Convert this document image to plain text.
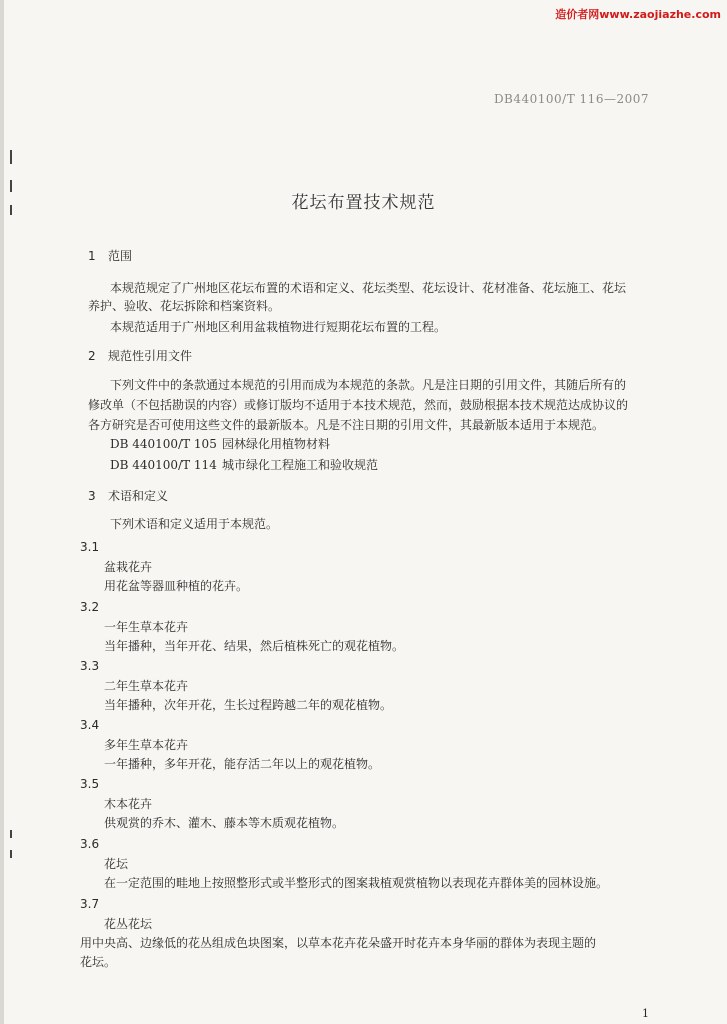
造价者网www.zaojiazhe.com
DB440100/T 116—2007
花坛布置技术规范
1 范围
本规范规定了广州地区花坛布置的术语和定义、花坛类型、花坛设计、花材准备、花坛施工、花坛
养护、验收、花坛拆除和档案资料。
本规范适用于广州地区利用盆栽植物进行短期花坛布置的工程。
2 规范性引用文件
下列文件中的条款通过本规范的引用而成为本规范的条款。凡是注日期的引用文件，其随后所有的
修改单（不包括勘误的内容）或修订版均不适用于本技术规范，然而，鼓励根据本技术规范达成协议的
各方研究是否可使用这些文件的最新版本。凡是不注日期的引用文件，其最新版本适用于本规范。
DB 440100/T 105 园林绿化用植物材料
DB 440100/T 114 城市绿化工程施工和验收规范
3 术语和定义
下列术语和定义适用于本规范。
3.1
盆栽花卉
用花盆等器皿种植的花卉。
3.2
一年生草本花卉
当年播种，当年开花、结果，然后植株死亡的观花植物。
3.3
二年生草本花卉
当年播种，次年开花，生长过程跨越二年的观花植物。
3.4
多年生草本花卉
一年播种，多年开花，能存活二年以上的观花植物。
3.5
木本花卉
供观赏的乔木、灌木、藤本等木质观花植物。
3.6
花坛
在一定范围的畦地上按照整形式或半整形式的图案栽植观赏植物以表现花卉群体美的园林设施。
3.7
花丛花坛
用中央高、边缘低的花丛组成色块图案，以草本花卉花朵盛开时花卉本身华丽的群体为表现主题的
花坛。
1
